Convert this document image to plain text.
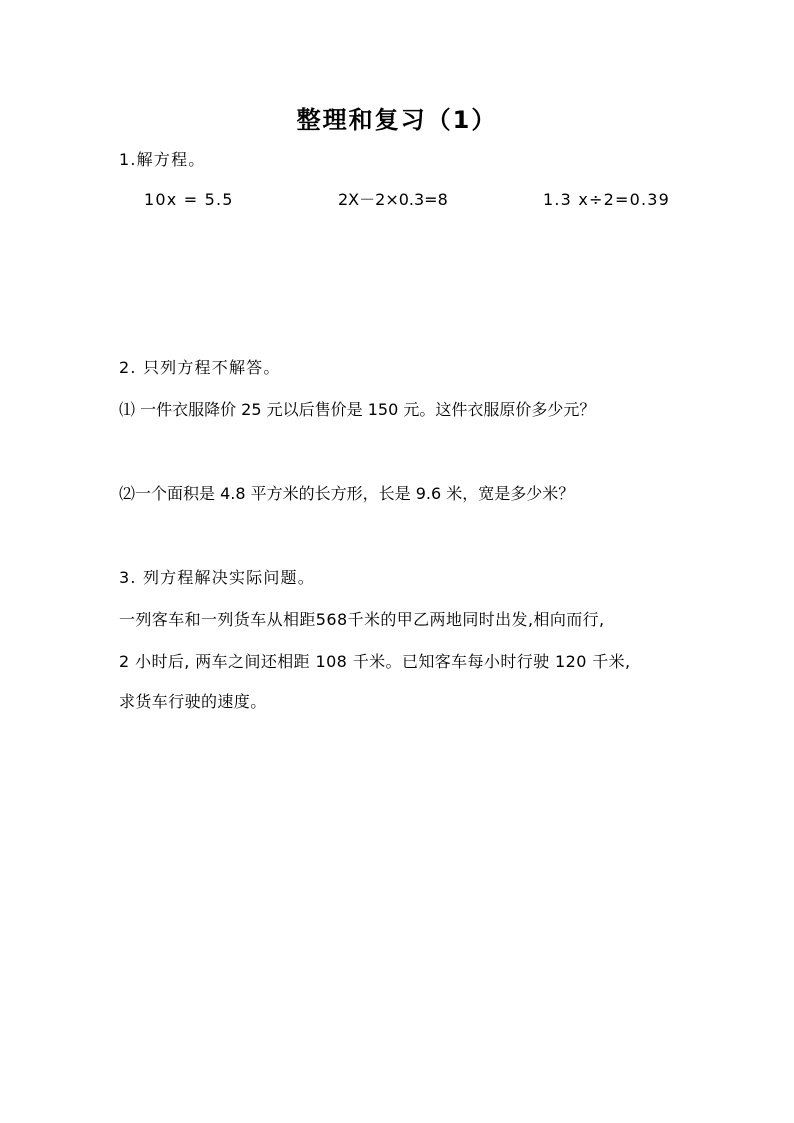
整理和复习（1）
1.解方程。
10x = 5.5	2X－2×0.3=8	1.3 x÷2=0.39
2. 只列方程不解答。
⑴ 一件衣服降价 25 元以后售价是 150 元。这件衣服原价多少元？
⑵一个面积是 4.8 平方米的长方形，长是 9.6 米，宽是多少米？
3. 列方程解决实际问题。
一列客车和一列货车从相距568千米的甲乙两地同时出发,相向而行,
2 小时后, 两车之间还相距 108 千米。已知客车每小时行驶 120 千米,
求货车行驶的速度。
